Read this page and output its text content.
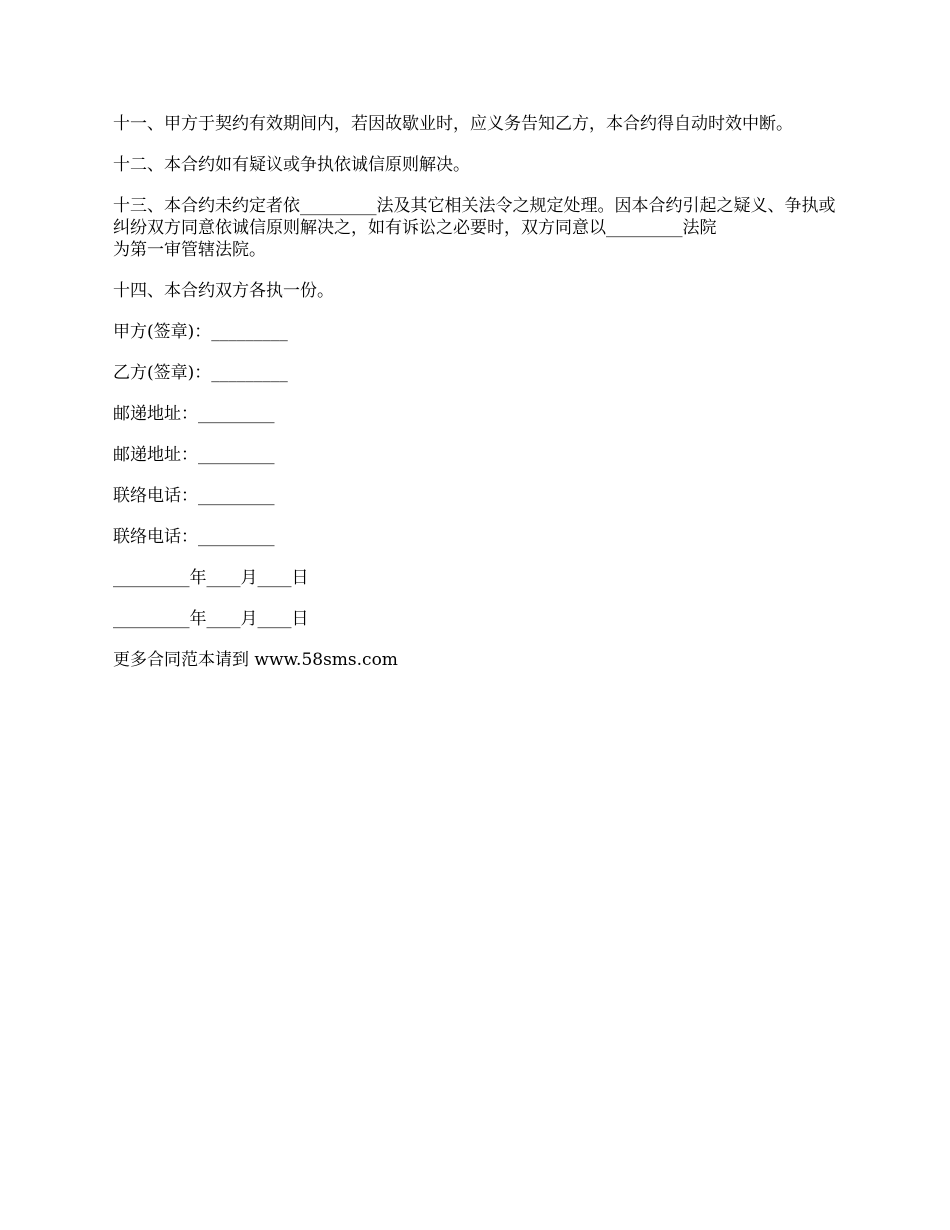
十一、甲方于契约有效期间内，若因故歇业时，应义务告知乙方，本合约得自动时效中断。

十二、本合约如有疑议或争执依诚信原则解决。

十三、本合约未约定者依_________法及其它相关法令之规定处理。因本合约引起之疑义、争执或纠纷双方同意依诚信原则解决之，如有诉讼之必要时，双方同意以_________法院
为第一审管辖法院。

十四、本合约双方各执一份。

甲方(签章)：_________

乙方(签章)：_________

邮递地址：_________

邮递地址：_________

联络电话：_________

联络电话：_________

_________年____月____日

_________年____月____日

更多合同范本请到 www.58sms.com
